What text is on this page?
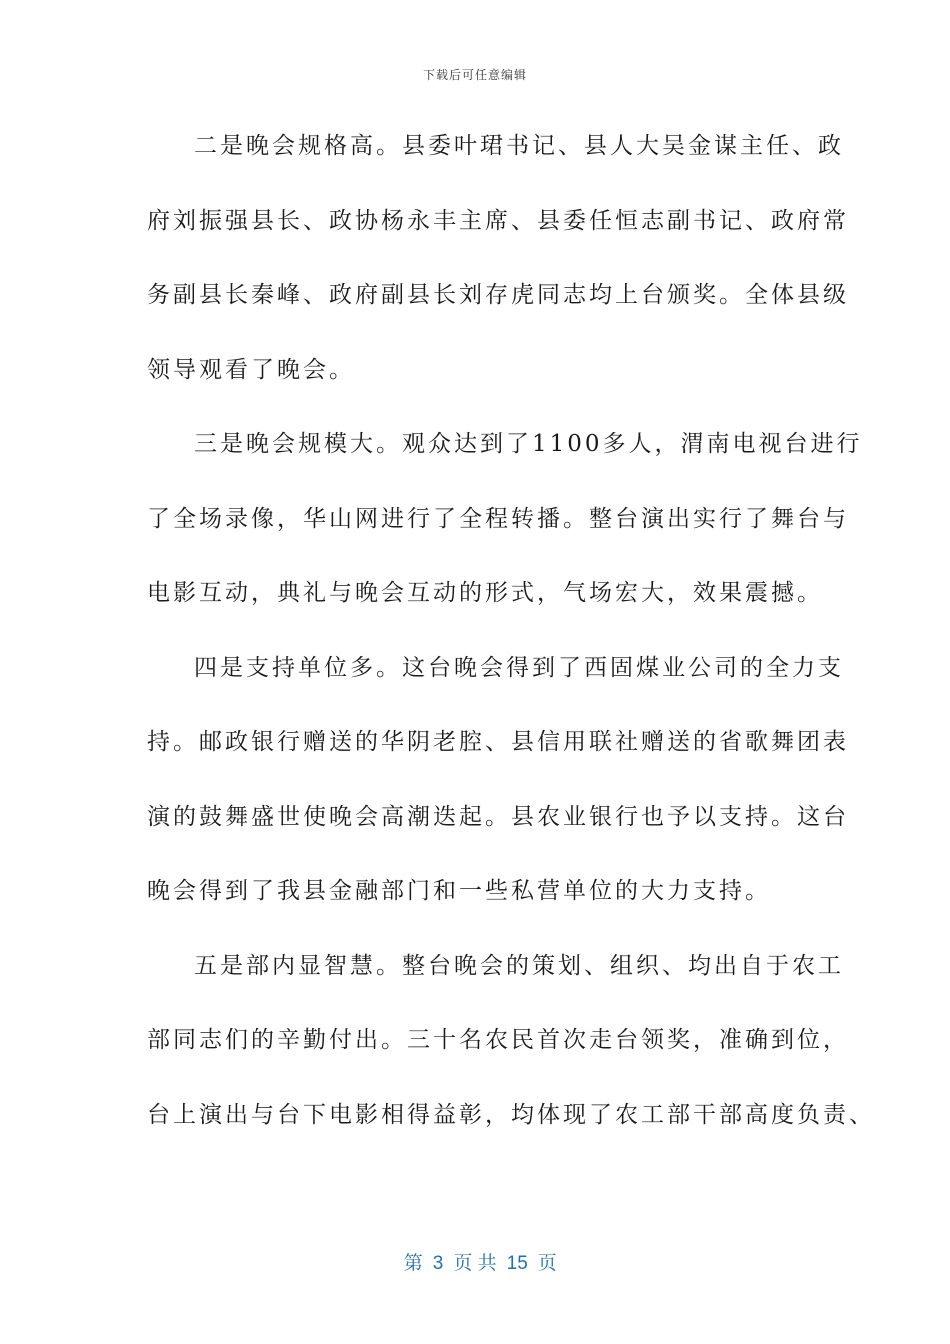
下载后可任意编辑
二是晚会规格高。县委叶珺书记、县人大吴金谋主任、政
府刘振强县长、政协杨永丰主席、县委任恒志副书记、政府常
务副县长秦峰、政府副县长刘存虎同志均上台颁奖。全体县级
领导观看了晚会。
三是晚会规模大。观众达到了1100多人，渭南电视台进行
了全场录像，华山网进行了全程转播。整台演出实行了舞台与
电影互动，典礼与晚会互动的形式，气场宏大，效果震撼。
四是支持单位多。这台晚会得到了西固煤业公司的全力支
持。邮政银行赠送的华阴老腔、县信用联社赠送的省歌舞团表
演的鼓舞盛世使晚会高潮迭起。县农业银行也予以支持。这台
晚会得到了我县金融部门和一些私营单位的大力支持。
五是部内显智慧。整台晚会的策划、组织、均出自于农工
部同志们的辛勤付出。三十名农民首次走台领奖，准确到位，
台上演出与台下电影相得益彰，均体现了农工部干部高度负责、

第 3 页 共 15 页
